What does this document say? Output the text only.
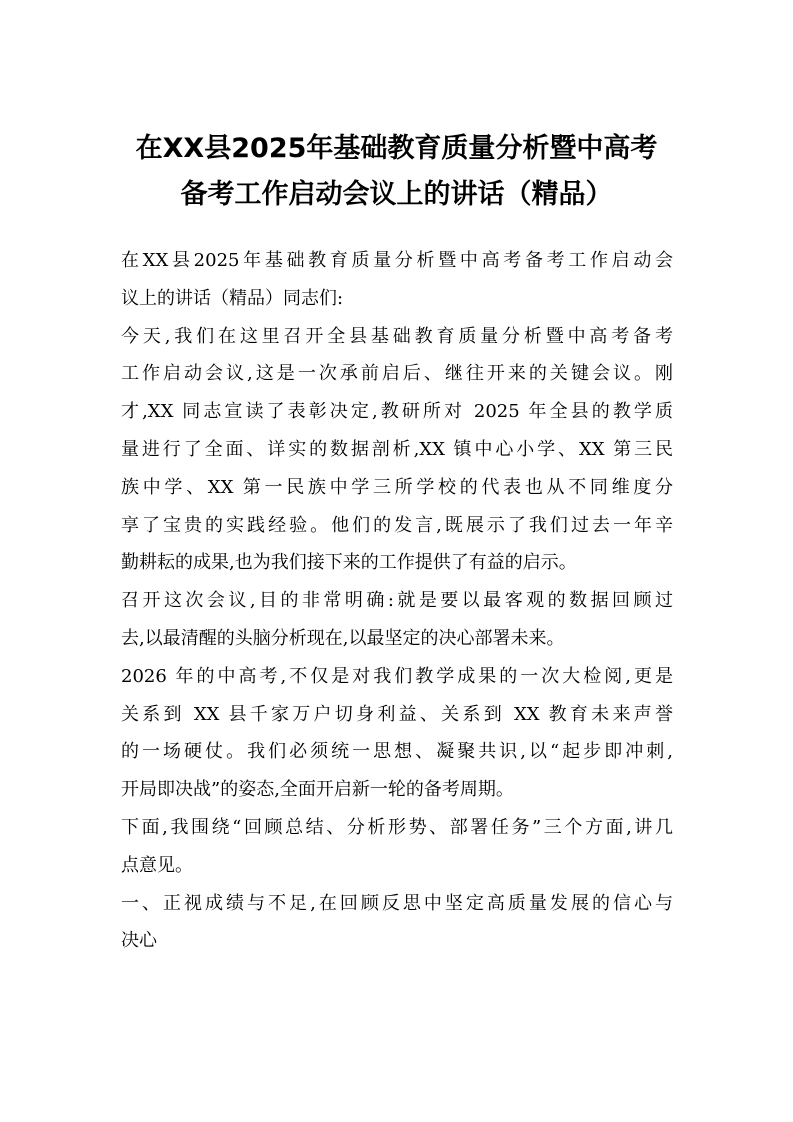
在XX县2025年基础教育质量分析暨中高考
备考工作启动会议上的讲话（精品）
在XX县2025年基础教育质量分析暨中高考备考工作启动会
议上的讲话（精品）同志们:
今天,我们在这里召开全县基础教育质量分析暨中高考备考
工作启动会议,这是一次承前启后、继往开来的关键会议。刚
才,XX 同志宣读了表彰决定,教研所对 2025 年全县的教学质
量进行了全面、详实的数据剖析,XX 镇中心小学、XX 第三民
族中学、XX 第一民族中学三所学校的代表也从不同维度分
享了宝贵的实践经验。他们的发言,既展示了我们过去一年辛
勤耕耘的成果,也为我们接下来的工作提供了有益的启示。
召开这次会议,目的非常明确:就是要以最客观的数据回顾过
去,以最清醒的头脑分析现在,以最坚定的决心部署未来。
2026 年的中高考,不仅是对我们教学成果的一次大检阅,更是
关系到 XX 县千家万户切身利益、关系到 XX 教育未来声誉
的一场硬仗。我们必须统一思想、凝聚共识,以“起步即冲刺,
开局即决战”的姿态,全面开启新一轮的备考周期。
下面,我围绕“回顾总结、分析形势、部署任务”三个方面,讲几
点意见。
一、正视成绩与不足,在回顾反思中坚定高质量发展的信心与
决心
